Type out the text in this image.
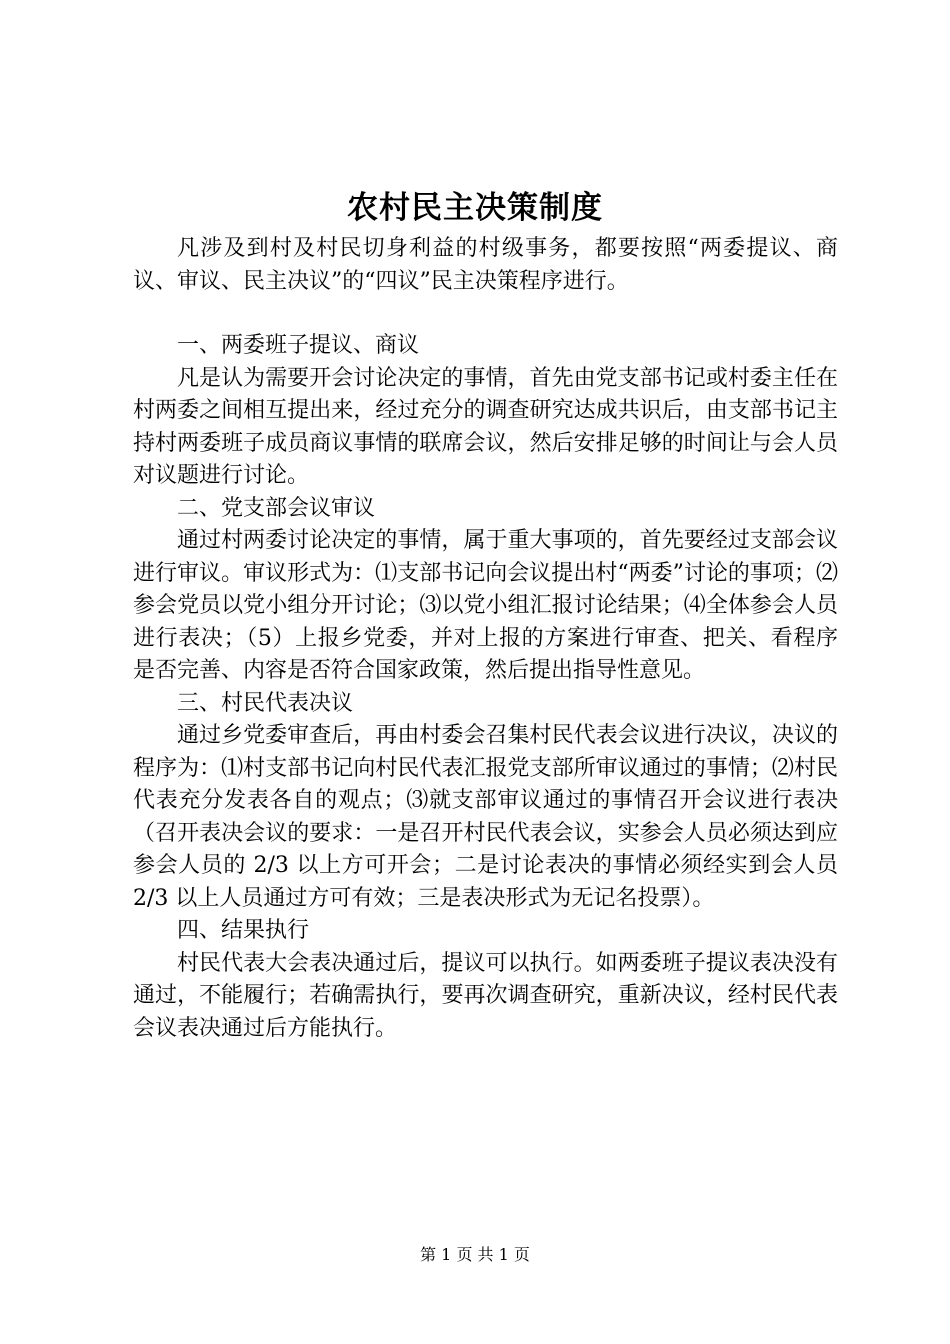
农村民主决策制度

凡涉及到村及村民切身利益的村级事务，都要按照“两委提议、商议、审议、民主决议”的“四议”民主决策程序进行。

一、两委班子提议、商议

凡是认为需要开会讨论决定的事情，首先由党支部书记或村委主任在村两委之间相互提出来，经过充分的调查研究达成共识后，由支部书记主持村两委班子成员商议事情的联席会议，然后安排足够的时间让与会人员对议题进行讨论。

二、党支部会议审议

通过村两委讨论决定的事情，属于重大事项的，首先要经过支部会议进行审议。审议形式为：⑴支部书记向会议提出村“两委”讨论的事项；⑵参会党员以党小组分开讨论；⑶以党小组汇报讨论结果；⑷全体参会人员进行表决；（5）上报乡党委，并对上报的方案进行审查、把关、看程序是否完善、内容是否符合国家政策，然后提出指导性意见。

三、村民代表决议

通过乡党委审查后，再由村委会召集村民代表会议进行决议，决议的程序为：⑴村支部书记向村民代表汇报党支部所审议通过的事情；⑵村民代表充分发表各自的观点；⑶就支部审议通过的事情召开会议进行表决（召开表决会议的要求：一是召开村民代表会议，实参会人员必须达到应参会人员的 2/3 以上方可开会；二是讨论表决的事情必须经实到会人员 2/3 以上人员通过方可有效；三是表决形式为无记名投票）。

四、结果执行

村民代表大会表决通过后，提议可以执行。如两委班子提议表决没有通过，不能履行；若确需执行，要再次调查研究，重新决议，经村民代表会议表决通过后方能执行。

第 1 页 共 1 页
